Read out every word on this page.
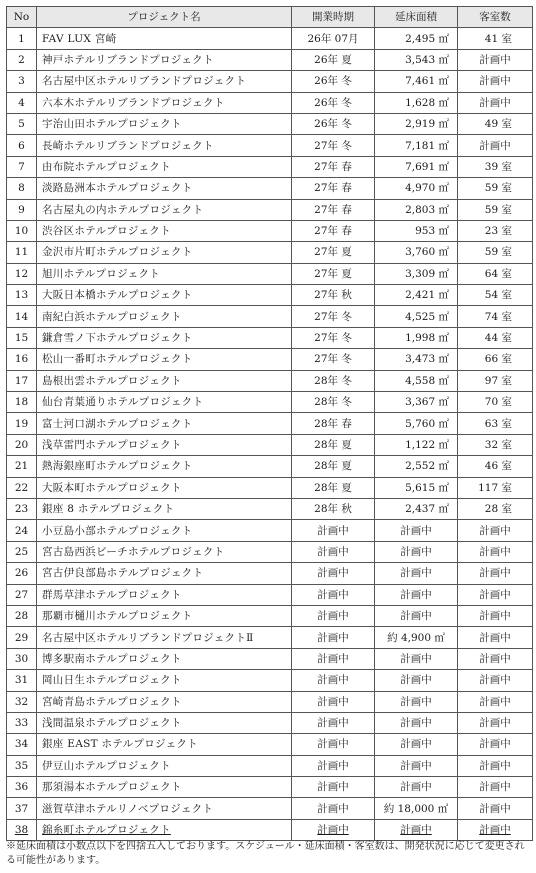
No	プロジェクト名	開業時期	延床面積	客室数
1	FAV LUX 宮崎	26年 07月	2,495 ㎡	41 室
2	神戸ホテルリブランドプロジェクト	26年 夏	3,543 ㎡	計画中
3	名古屋中区ホテルリブランドプロジェクト	26年 冬	7,461 ㎡	計画中
4	六本木ホテルリブランドプロジェクト	26年 冬	1,628 ㎡	計画中
5	宇治山田ホテルプロジェクト	26年 冬	2,919 ㎡	49 室
6	長崎ホテルリブランドプロジェクト	27年 冬	7,181 ㎡	計画中
7	由布院ホテルプロジェクト	27年 春	7,691 ㎡	39 室
8	淡路島洲本ホテルプロジェクト	27年 春	4,970 ㎡	59 室
9	名古屋丸の内ホテルプロジェクト	27年 春	2,803 ㎡	59 室
10	渋谷区ホテルプロジェクト	27年 春	953 ㎡	23 室
11	金沢市片町ホテルプロジェクト	27年 夏	3,760 ㎡	59 室
12	旭川ホテルプロジェクト	27年 夏	3,309 ㎡	64 室
13	大阪日本橋ホテルプロジェクト	27年 秋	2,421 ㎡	54 室
14	南紀白浜ホテルプロジェクト	27年 冬	4,525 ㎡	74 室
15	鎌倉雪ノ下ホテルプロジェクト	27年 冬	1,998 ㎡	44 室
16	松山一番町ホテルプロジェクト	27年 冬	3,473 ㎡	66 室
17	島根出雲ホテルプロジェクト	28年 冬	4,558 ㎡	97 室
18	仙台青葉通りホテルプロジェクト	28年 冬	3,367 ㎡	70 室
19	富士河口湖ホテルプロジェクト	28年 春	5,760 ㎡	63 室
20	浅草雷門ホテルプロジェクト	28年 夏	1,122 ㎡	32 室
21	熱海銀座町ホテルプロジェクト	28年 夏	2,552 ㎡	46 室
22	大阪本町ホテルプロジェクト	28年 夏	5,615 ㎡	117 室
23	銀座 8 ホテルプロジェクト	28年 秋	2,437 ㎡	28 室
24	小豆島小部ホテルプロジェクト	計画中	計画中	計画中
25	宮古島西浜ビーチホテルプロジェクト	計画中	計画中	計画中
26	宮古伊良部島ホテルプロジェクト	計画中	計画中	計画中
27	群馬草津ホテルプロジェクト	計画中	計画中	計画中
28	那覇市樋川ホテルプロジェクト	計画中	計画中	計画中
29	名古屋中区ホテルリブランドプロジェクトⅡ	計画中	約 4,900 ㎡	計画中
30	博多駅南ホテルプロジェクト	計画中	計画中	計画中
31	岡山日生ホテルプロジェクト	計画中	計画中	計画中
32	宮崎青島ホテルプロジェクト	計画中	計画中	計画中
33	浅間温泉ホテルプロジェクト	計画中	計画中	計画中
34	銀座 EAST ホテルプロジェクト	計画中	計画中	計画中
35	伊豆山ホテルプロジェクト	計画中	計画中	計画中
36	那須湯本ホテルプロジェクト	計画中	計画中	計画中
37	滋賀草津ホテルリノベプロジェクト	計画中	約 18,000 ㎡	計画中
38	錦糸町ホテルプロジェクト	計画中	計画中	計画中
※延床面積は小数点以下を四捨五入しております。スケジュール・延床面積・客室数は、開発状況に応じて変更される可能性があります。
